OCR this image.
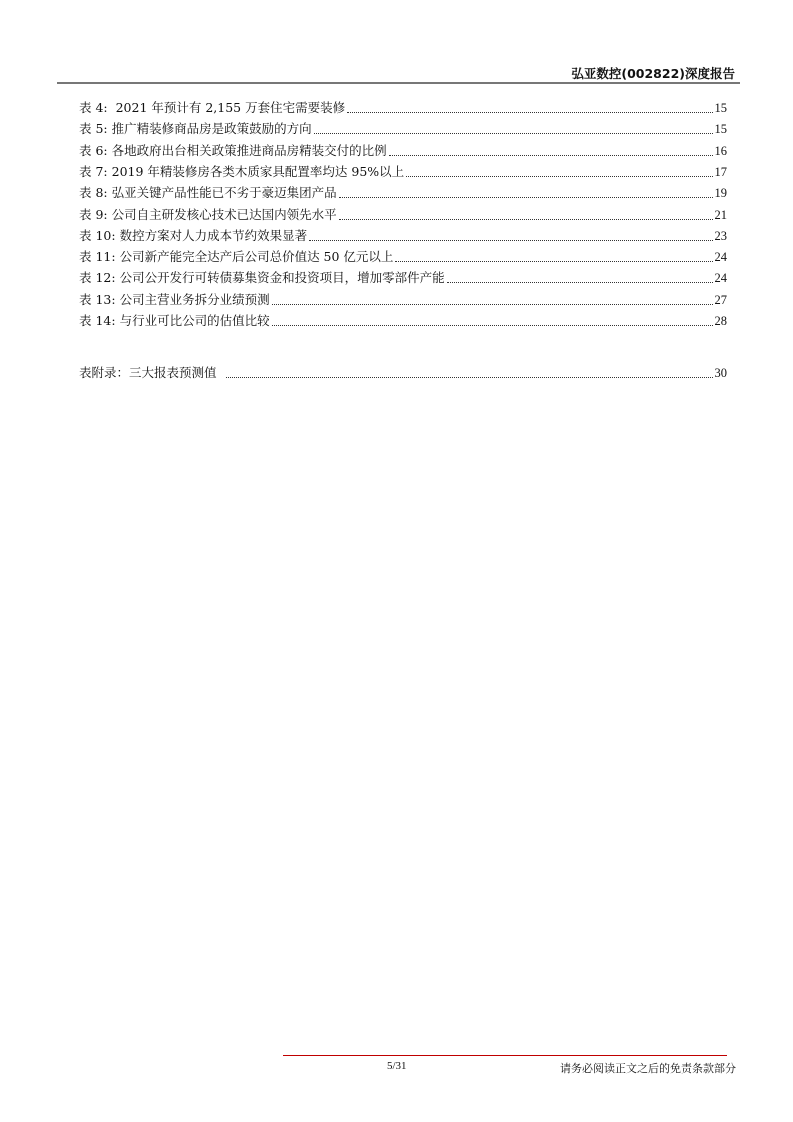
弘亚数控(002822)深度报告
表 4:  2021 年预计有 2,155 万套住宅需要装修	15
表 5: 推广精装修商品房是政策鼓励的方向	15
表 6: 各地政府出台相关政策推进商品房精装交付的比例	16
表 7: 2019 年精装修房各类木质家具配置率均达 95%以上	17
表 8: 弘亚关键产品性能已不劣于豪迈集团产品	19
表 9: 公司自主研发核心技术已达国内领先水平	21
表 10: 数控方案对人力成本节约效果显著	23
表 11: 公司新产能完全达产后公司总价值达 50 亿元以上	24
表 12: 公司公开发行可转债募集资金和投资项目，增加零部件产能	24
表 13: 公司主营业务拆分业绩预测	27
表 14: 与行业可比公司的估值比较	28
表附录：三大报表预测值	30
5/31	请务必阅读正文之后的免责条款部分
